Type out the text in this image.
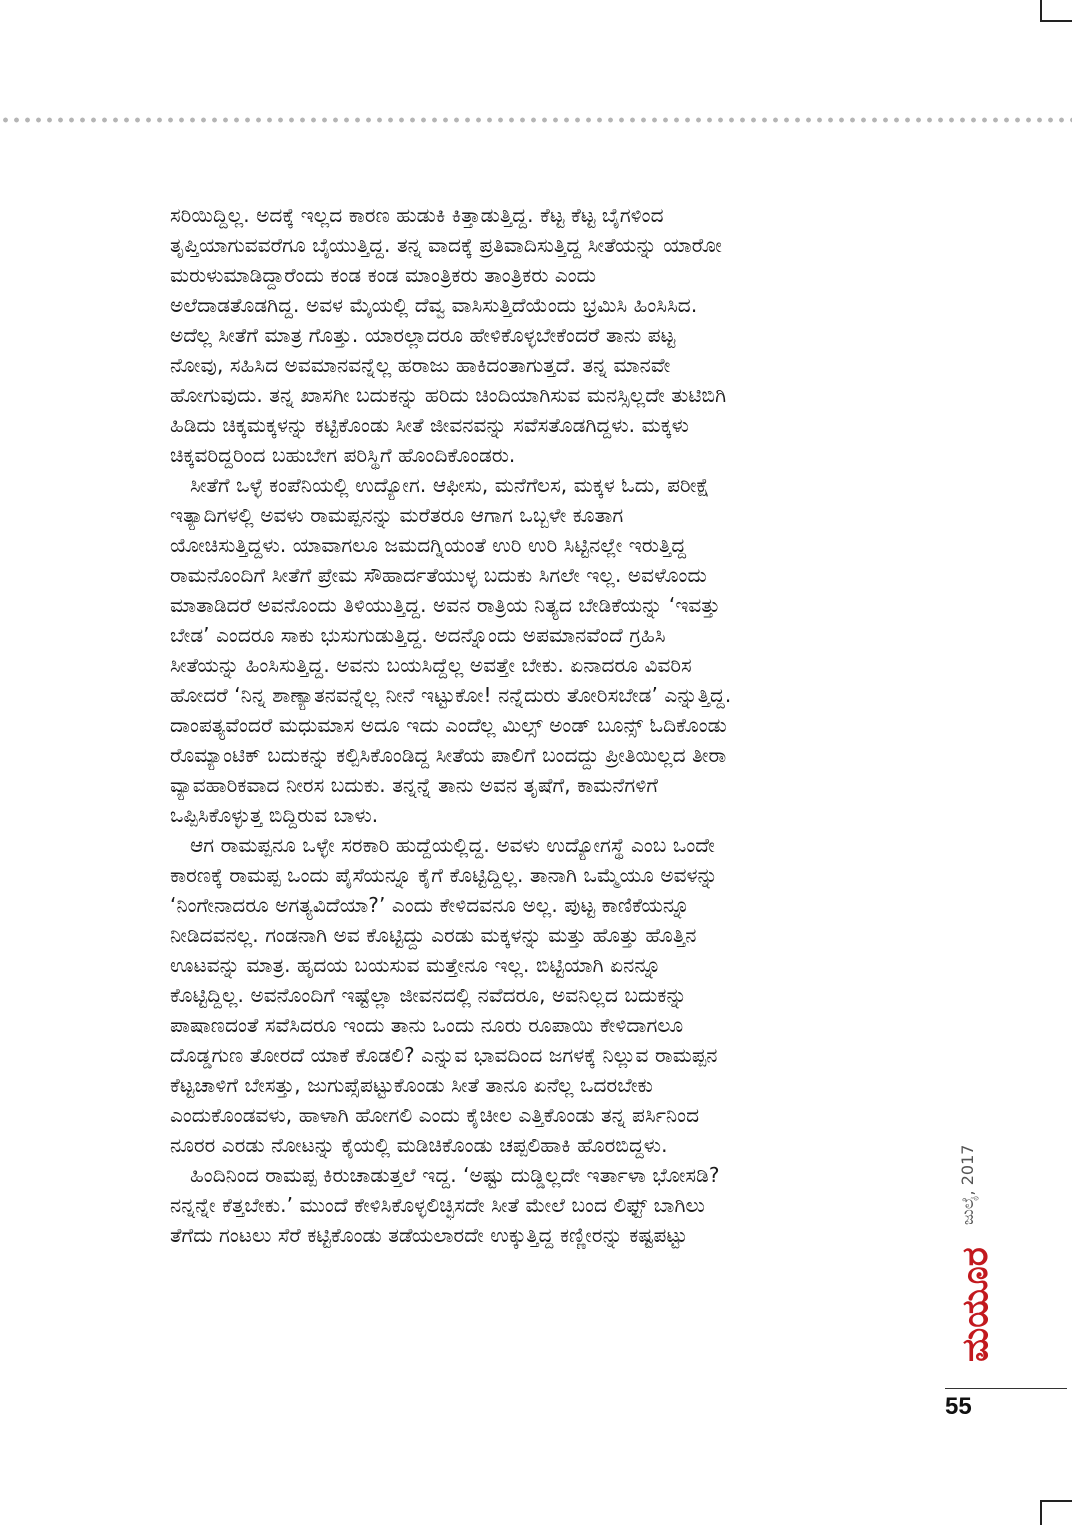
ಸರಿಯಿದ್ದಿಲ್ಲ. ಅದಕ್ಕೆ ಇಲ್ಲದ ಕಾರಣ ಹುಡುಕಿ ಕಿತ್ತಾಡುತ್ತಿದ್ದ. ಕೆಟ್ಟ ಕೆಟ್ಟ ಬೈಗಳಿಂದ
ತೃಪ್ತಿಯಾಗುವವರೆಗೂ ಬೈಯುತ್ತಿದ್ದ. ತನ್ನ ವಾದಕ್ಕೆ ಪ್ರತಿವಾದಿಸುತ್ತಿದ್ದ ಸೀತೆಯನ್ನು ಯಾರೋ
ಮರುಳುಮಾಡಿದ್ದಾರೆಂದು ಕಂಡ ಕಂಡ ಮಾಂತ್ರಿಕರು ತಾಂತ್ರಿಕರು ಎಂದು
ಅಲೆದಾಡತೊಡಗಿದ್ದ. ಅವಳ ಮೈಯಲ್ಲಿ ದೆವ್ವ ವಾಸಿಸುತ್ತಿದೆಯೆಂದು ಭ್ರಮಿಸಿ ಹಿಂಸಿಸಿದ.
ಅದೆಲ್ಲ ಸೀತೆಗೆ ಮಾತ್ರ ಗೊತ್ತು. ಯಾರಲ್ಲಾದರೂ ಹೇಳಿಕೊಳ್ಳಬೇಕೆಂದರೆ ತಾನು ಪಟ್ಟ
ನೋವು, ಸಹಿಸಿದ ಅವಮಾನವನ್ನೆಲ್ಲ ಹರಾಜು ಹಾಕಿದಂತಾಗುತ್ತದೆ. ತನ್ನ ಮಾನವೇ
ಹೋಗುವುದು. ತನ್ನ ಖಾಸಗೀ ಬದುಕನ್ನು ಹರಿದು ಚಿಂದಿಯಾಗಿಸುವ ಮನಸ್ಸಿಲ್ಲದೇ ತುಟಿಬಿಗಿ
ಹಿಡಿದು ಚಿಕ್ಕಮಕ್ಕಳನ್ನು ಕಟ್ಟಿಕೊಂಡು ಸೀತೆ ಜೀವನವನ್ನು ಸವೆಸತೊಡಗಿದ್ದಳು. ಮಕ್ಕಳು
ಚಿಕ್ಕವರಿದ್ದರಿಂದ ಬಹುಬೇಗ ಪರಿಸ್ಥಿಗೆ ಹೊಂದಿಕೊಂಡರು.
ಸೀತೆಗೆ ಒಳ್ಳೆ ಕಂಪೆನಿಯಲ್ಲಿ ಉದ್ಯೋಗ. ಆಫೀಸು, ಮನೆಗೆಲಸ, ಮಕ್ಕಳ ಓದು, ಪರೀಕ್ಷೆ
ಇತ್ಯಾದಿಗಳಲ್ಲಿ ಅವಳು ರಾಮಪ್ಪನನ್ನು ಮರೆತರೂ ಆಗಾಗ ಒಬ್ಬಳೇ ಕೂತಾಗ
ಯೋಚಿಸುತ್ತಿದ್ದಳು. ಯಾವಾಗಲೂ ಜಮದಗ್ನಿಯಂತೆ ಉರಿ ಉರಿ ಸಿಟ್ಟಿನಲ್ಲೇ ಇರುತ್ತಿದ್ದ
ರಾಮನೊಂದಿಗೆ ಸೀತೆಗೆ ಪ್ರೇಮ ಸೌಹಾರ್ದತೆಯುಳ್ಳ ಬದುಕು ಸಿಗಲೇ ಇಲ್ಲ. ಅವಳೊಂದು
ಮಾತಾಡಿದರೆ ಅವನೊಂದು ತಿಳಿಯುತ್ತಿದ್ದ. ಅವನ ರಾತ್ರಿಯ ನಿತ್ಯದ ಬೇಡಿಕೆಯನ್ನು ‘ಇವತ್ತು
ಬೇಡ’ ಎಂದರೂ ಸಾಕು ಭುಸುಗುಡುತ್ತಿದ್ದ. ಅದನ್ನೊಂದು ಅಪಮಾನವೆಂದೆ ಗ್ರಹಿಸಿ
ಸೀತೆಯನ್ನು ಹಿಂಸಿಸುತ್ತಿದ್ದ. ಅವನು ಬಯಸಿದ್ದೆಲ್ಲ ಅವತ್ತೇ ಬೇಕು. ಏನಾದರೂ ವಿವರಿಸ
ಹೋದರೆ ‘ನಿನ್ನ ಶಾಣ್ಯಾತನವನ್ನೆಲ್ಲ ನೀನೆ ಇಟ್ಟುಕೋ! ನನ್ನೆದುರು ತೋರಿಸಬೇಡ’ ಎನ್ನುತ್ತಿದ್ದ.
ದಾಂಪತ್ಯವೆಂದರೆ ಮಧುಮಾಸ ಅದೂ ಇದು ಎಂದೆಲ್ಲ ಮಿಲ್ಸ್ ಅಂಡ್ ಬೂನ್ಸ್ ಓದಿಕೊಂಡು
ರೊಮ್ಯಾಂಟಿಕ್ ಬದುಕನ್ನು ಕಲ್ಪಿಸಿಕೊಂಡಿದ್ದ ಸೀತೆಯ ಪಾಲಿಗೆ ಬಂದದ್ದು ಪ್ರೀತಿಯಿಲ್ಲದ ತೀರಾ
ವ್ಯಾವಹಾರಿಕವಾದ ನೀರಸ ಬದುಕು. ತನ್ನನ್ನೆ ತಾನು ಅವನ ತೃಷೆಗೆ, ಕಾಮನೆಗಳಿಗೆ
ಒಪ್ಪಿಸಿಕೊಳ್ಳುತ್ತ ಬಿದ್ದಿರುವ ಬಾಳು.
ಆಗ ರಾಮಪ್ಪನೂ ಒಳ್ಳೇ ಸರಕಾರಿ ಹುದ್ದೆಯಲ್ಲಿದ್ದ. ಅವಳು ಉದ್ಯೋಗಸ್ಥೆ ಎಂಬ ಒಂದೇ
ಕಾರಣಕ್ಕೆ ರಾಮಪ್ಪ ಒಂದು ಪೈಸೆಯನ್ನೂ ಕೈಗೆ ಕೊಟ್ಟಿದ್ದಿಲ್ಲ. ತಾನಾಗಿ ಒಮ್ಮೆಯೂ ಅವಳನ್ನು
‘ನಿಂಗೇನಾದರೂ ಅಗತ್ಯವಿದೆಯಾ?’ ಎಂದು ಕೇಳಿದವನೂ ಅಲ್ಲ. ಪುಟ್ಟ ಕಾಣಿಕೆಯನ್ನೂ
ನೀಡಿದವನಲ್ಲ. ಗಂಡನಾಗಿ ಅವ ಕೊಟ್ಟಿದ್ದು ಎರಡು ಮಕ್ಕಳನ್ನು ಮತ್ತು ಹೊತ್ತು ಹೊತ್ತಿನ
ಊಟವನ್ನು ಮಾತ್ರ. ಹೃದಯ ಬಯಸುವ ಮತ್ತೇನೂ ಇಲ್ಲ. ಬಿಟ್ಟಿಯಾಗಿ ಏನನ್ನೂ
ಕೊಟ್ಟಿದ್ದಿಲ್ಲ. ಅವನೊಂದಿಗೆ ಇಷ್ಟೆಲ್ಲಾ ಜೀವನದಲ್ಲಿ ನವೆದರೂ, ಅವನಿಲ್ಲದ ಬದುಕನ್ನು
ಪಾಷಾಣದಂತೆ ಸವೆಸಿದರೂ ಇಂದು ತಾನು ಒಂದು ನೂರು ರೂಪಾಯಿ ಕೇಳಿದಾಗಲೂ
ದೊಡ್ಡಗುಣ ತೋರದೆ ಯಾಕೆ ಕೊಡಲಿ? ಎನ್ನುವ ಭಾವದಿಂದ ಜಗಳಕ್ಕೆ ನಿಲ್ಲುವ ರಾಮಪ್ಪನ
ಕೆಟ್ಟಚಾಳಿಗೆ ಬೇಸತ್ತು, ಜುಗುಪ್ಸೆಪಟ್ಟುಕೊಂಡು ಸೀತೆ ತಾನೂ ಏನೆಲ್ಲ ಒದರಬೇಕು
ಎಂದುಕೊಂಡವಳು, ಹಾಳಾಗಿ ಹೋಗಲಿ ಎಂದು ಕೈಚೀಲ ಎತ್ತಿಕೊಂಡು ತನ್ನ ಪರ್ಸಿನಿಂದ
ನೂರರ ಎರಡು ನೋಟನ್ನು ಕೈಯಲ್ಲಿ ಮಡಿಚಿಕೊಂಡು ಚಪ್ಪಲಿಹಾಕಿ ಹೊರಬಿದ್ದಳು.
ಹಿಂದಿನಿಂದ ರಾಮಪ್ಪ ಕಿರುಚಾಡುತ್ತಲೆ ಇದ್ದ. ‘ಅಷ್ಟು ದುಡ್ಡಿಲ್ಲದೇ ಇರ್ತಾಳಾ ಭೋಸಡಿ?
ನನ್ನನ್ನೇ ಕೆತ್ತಬೇಕು.’ ಮುಂದೆ ಕೇಳಿಸಿಕೊಳ್ಳಲಿಚ್ಛಿಸದೇ ಸೀತೆ ಮೇಲೆ ಬಂದ ಲಿಫ್ಟ್ ಬಾಗಿಲು
ತೆಗೆದು ಗಂಟಲು ಸೆರೆ ಕಟ್ಟಿಕೊಂಡು ತಡೆಯಲಾರದೇ ಉಕ್ಕುತ್ತಿದ್ದ ಕಣ್ಣೀರನ್ನು ಕಷ್ಟಪಟ್ಟು
ಜುಲೈ, 2017
ಮಯೂರ
55
